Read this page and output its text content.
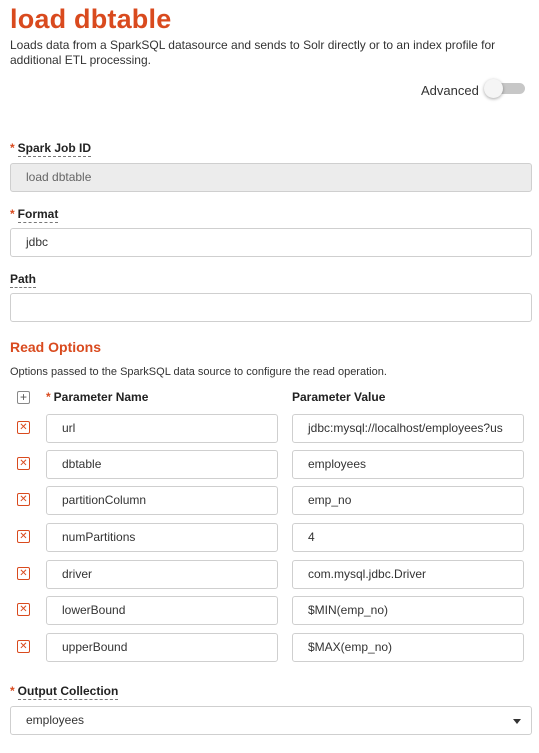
load dbtable
Loads data from a SparkSQL datasource and sends to Solr directly or to an index profile for additional ETL processing.
Advanced
* Spark Job ID
load dbtable
* Format
jdbc
Path
Read Options
Options passed to the SparkSQL data source to configure the read operation.
+ * Parameter Name	Parameter Value
✕	url	jdbc:mysql://localhost/employees?us
✕	dbtable	employees
✕	partitionColumn	emp_no
✕	numPartitions	4
✕	driver	com.mysql.jdbc.Driver
✕	lowerBound	$MIN(emp_no)
✕	upperBound	$MAX(emp_no)
* Output Collection
employees
